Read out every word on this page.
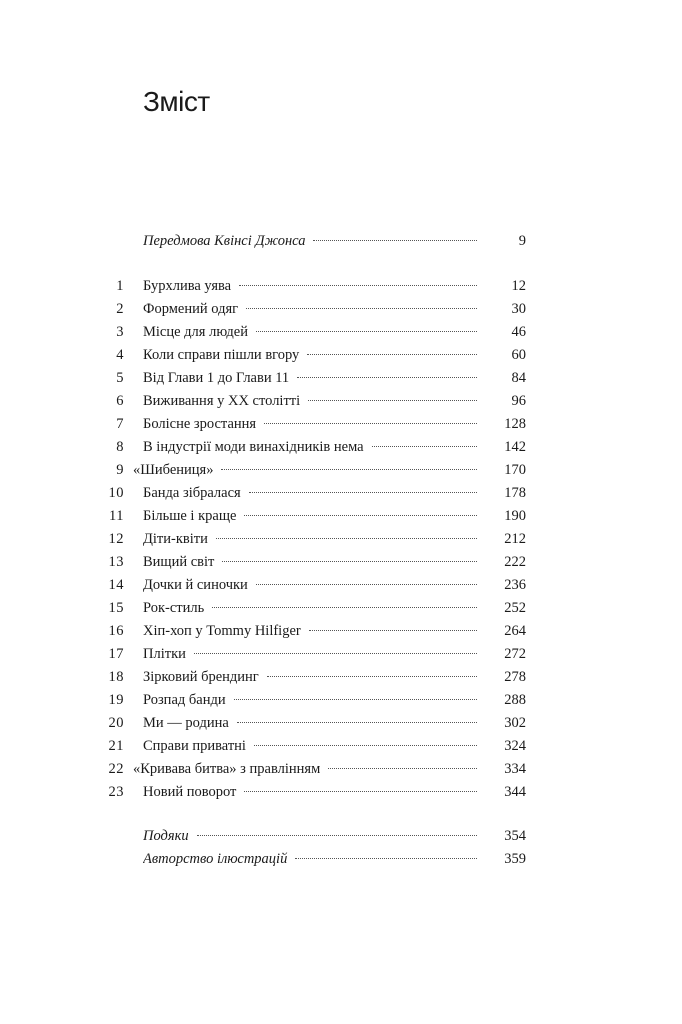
Зміст
Передмова Квінсі Джонса	9
1 Бурхлива уява	12
2 Формений одяг	30
3 Місце для людей	46
4 Коли справи пішли вгору	60
5 Від Глави 1 до Глави 11	84
6 Виживання у ХХ столітті	96
7 Болісне зростання	128
8 В індустрії моди винахідників нема	142
9 «Шибениця»	170
10 Банда зібралася	178
11 Більше і краще	190
12 Діти-квіти	212
13 Вищий світ	222
14 Дочки й синочки	236
15 Рок-стиль	252
16 Хіп-хоп у Tommy Hilfiger	264
17 Плітки	272
18 Зірковий брендинг	278
19 Розпад банди	288
20 Ми — родина	302
21 Справи приватні	324
22 «Кривава битва» з правлінням	334
23 Новий поворот	344
Подяки	354
Авторство ілюстрацій	359
